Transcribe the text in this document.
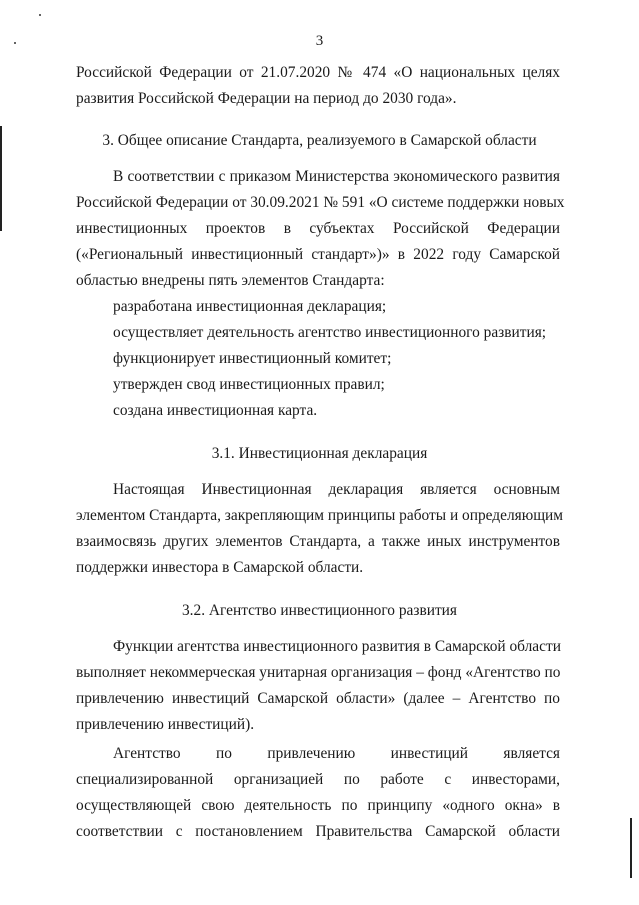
3
Российской Федерации от 21.07.2020 № 474 «О национальных целях
развития Российской Федерации на период до 2030 года».
3. Общее описание Стандарта, реализуемого в Самарской области
В соответствии с приказом Министерства экономического развития
Российской Федерации от 30.09.2021 № 591 «О системе поддержки новых
инвестиционных проектов в субъектах Российской Федерации
(«Региональный инвестиционный стандарт»)» в 2022 году Самарской
областью внедрены пять элементов Стандарта:
разработана инвестиционная декларация;
осуществляет деятельность агентство инвестиционного развития;
функционирует инвестиционный комитет;
утвержден свод инвестиционных правил;
создана инвестиционная карта.
3.1. Инвестиционная декларация
Настоящая Инвестиционная декларация является основным
элементом Стандарта, закрепляющим принципы работы и определяющим
взаимосвязь других элементов Стандарта, а также иных инструментов
поддержки инвестора в Самарской области.
3.2. Агентство инвестиционного развития
Функции агентства инвестиционного развития в Самарской области
выполняет некоммерческая унитарная организация – фонд «Агентство по
привлечению инвестиций Самарской области» (далее – Агентство по
привлечению инвестиций).
Агентство по привлечению инвестиций является
специализированной организацией по работе с инвесторами,
осуществляющей свою деятельность по принципу «одного окна» в
соответствии с постановлением Правительства Самарской области
